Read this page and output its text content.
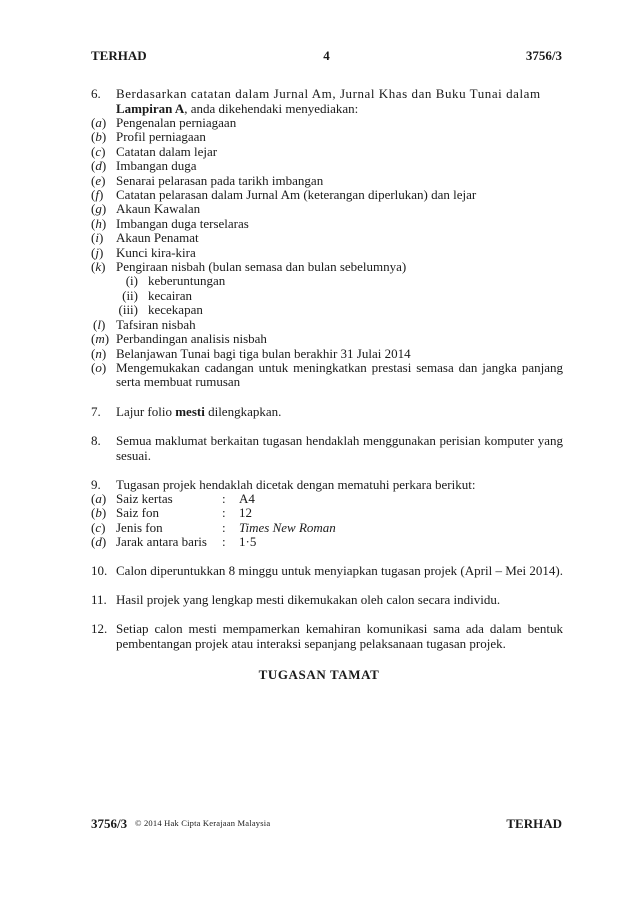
TERHAD	4	3756/3
6. Berdasarkan catatan dalam Jurnal Am, Jurnal Khas dan Buku Tunai dalam
Lampiran A, anda dikehendaki menyediakan:
(a) Pengenalan perniagaan
(b) Profil perniagaan
(c) Catatan dalam lejar
(d) Imbangan duga
(e) Senarai pelarasan pada tarikh imbangan
(f) Catatan pelarasan dalam Jurnal Am (keterangan diperlukan) dan lejar
(g) Akaun Kawalan
(h) Imbangan duga terselaras
(i) Akaun Penamat
(j) Kunci kira-kira
(k) Pengiraan nisbah (bulan semasa dan bulan sebelumnya)
(i) keberuntungan
(ii) kecairan
(iii) kecekapan
(l) Tafsiran nisbah
(m) Perbandingan analisis nisbah
(n) Belanjawan Tunai bagi tiga bulan berakhir 31 Julai 2014
(o) Mengemukakan cadangan untuk meningkatkan prestasi semasa dan jangka panjang serta membuat rumusan
7. Lajur folio mesti dilengkapkan.
8. Semua maklumat berkaitan tugasan hendaklah menggunakan perisian komputer yang sesuai.
9. Tugasan projek hendaklah dicetak dengan mematuhi perkara berikut:
(a) Saiz kertas	: A4
(b) Saiz fon	: 12
(c) Jenis fon	: Times New Roman
(d) Jarak antara baris : 1·5
10. Calon diperuntukkan 8 minggu untuk menyiapkan tugasan projek (April – Mei 2014).
11. Hasil projek yang lengkap mesti dikemukakan oleh calon secara individu.
12. Setiap calon mesti mempamerkan kemahiran komunikasi sama ada dalam bentuk pembentangan projek atau interaksi sepanjang pelaksanaan tugasan projek.
TUGASAN TAMAT
3756/3 © 2014 Hak Cipta Kerajaan Malaysia	TERHAD
